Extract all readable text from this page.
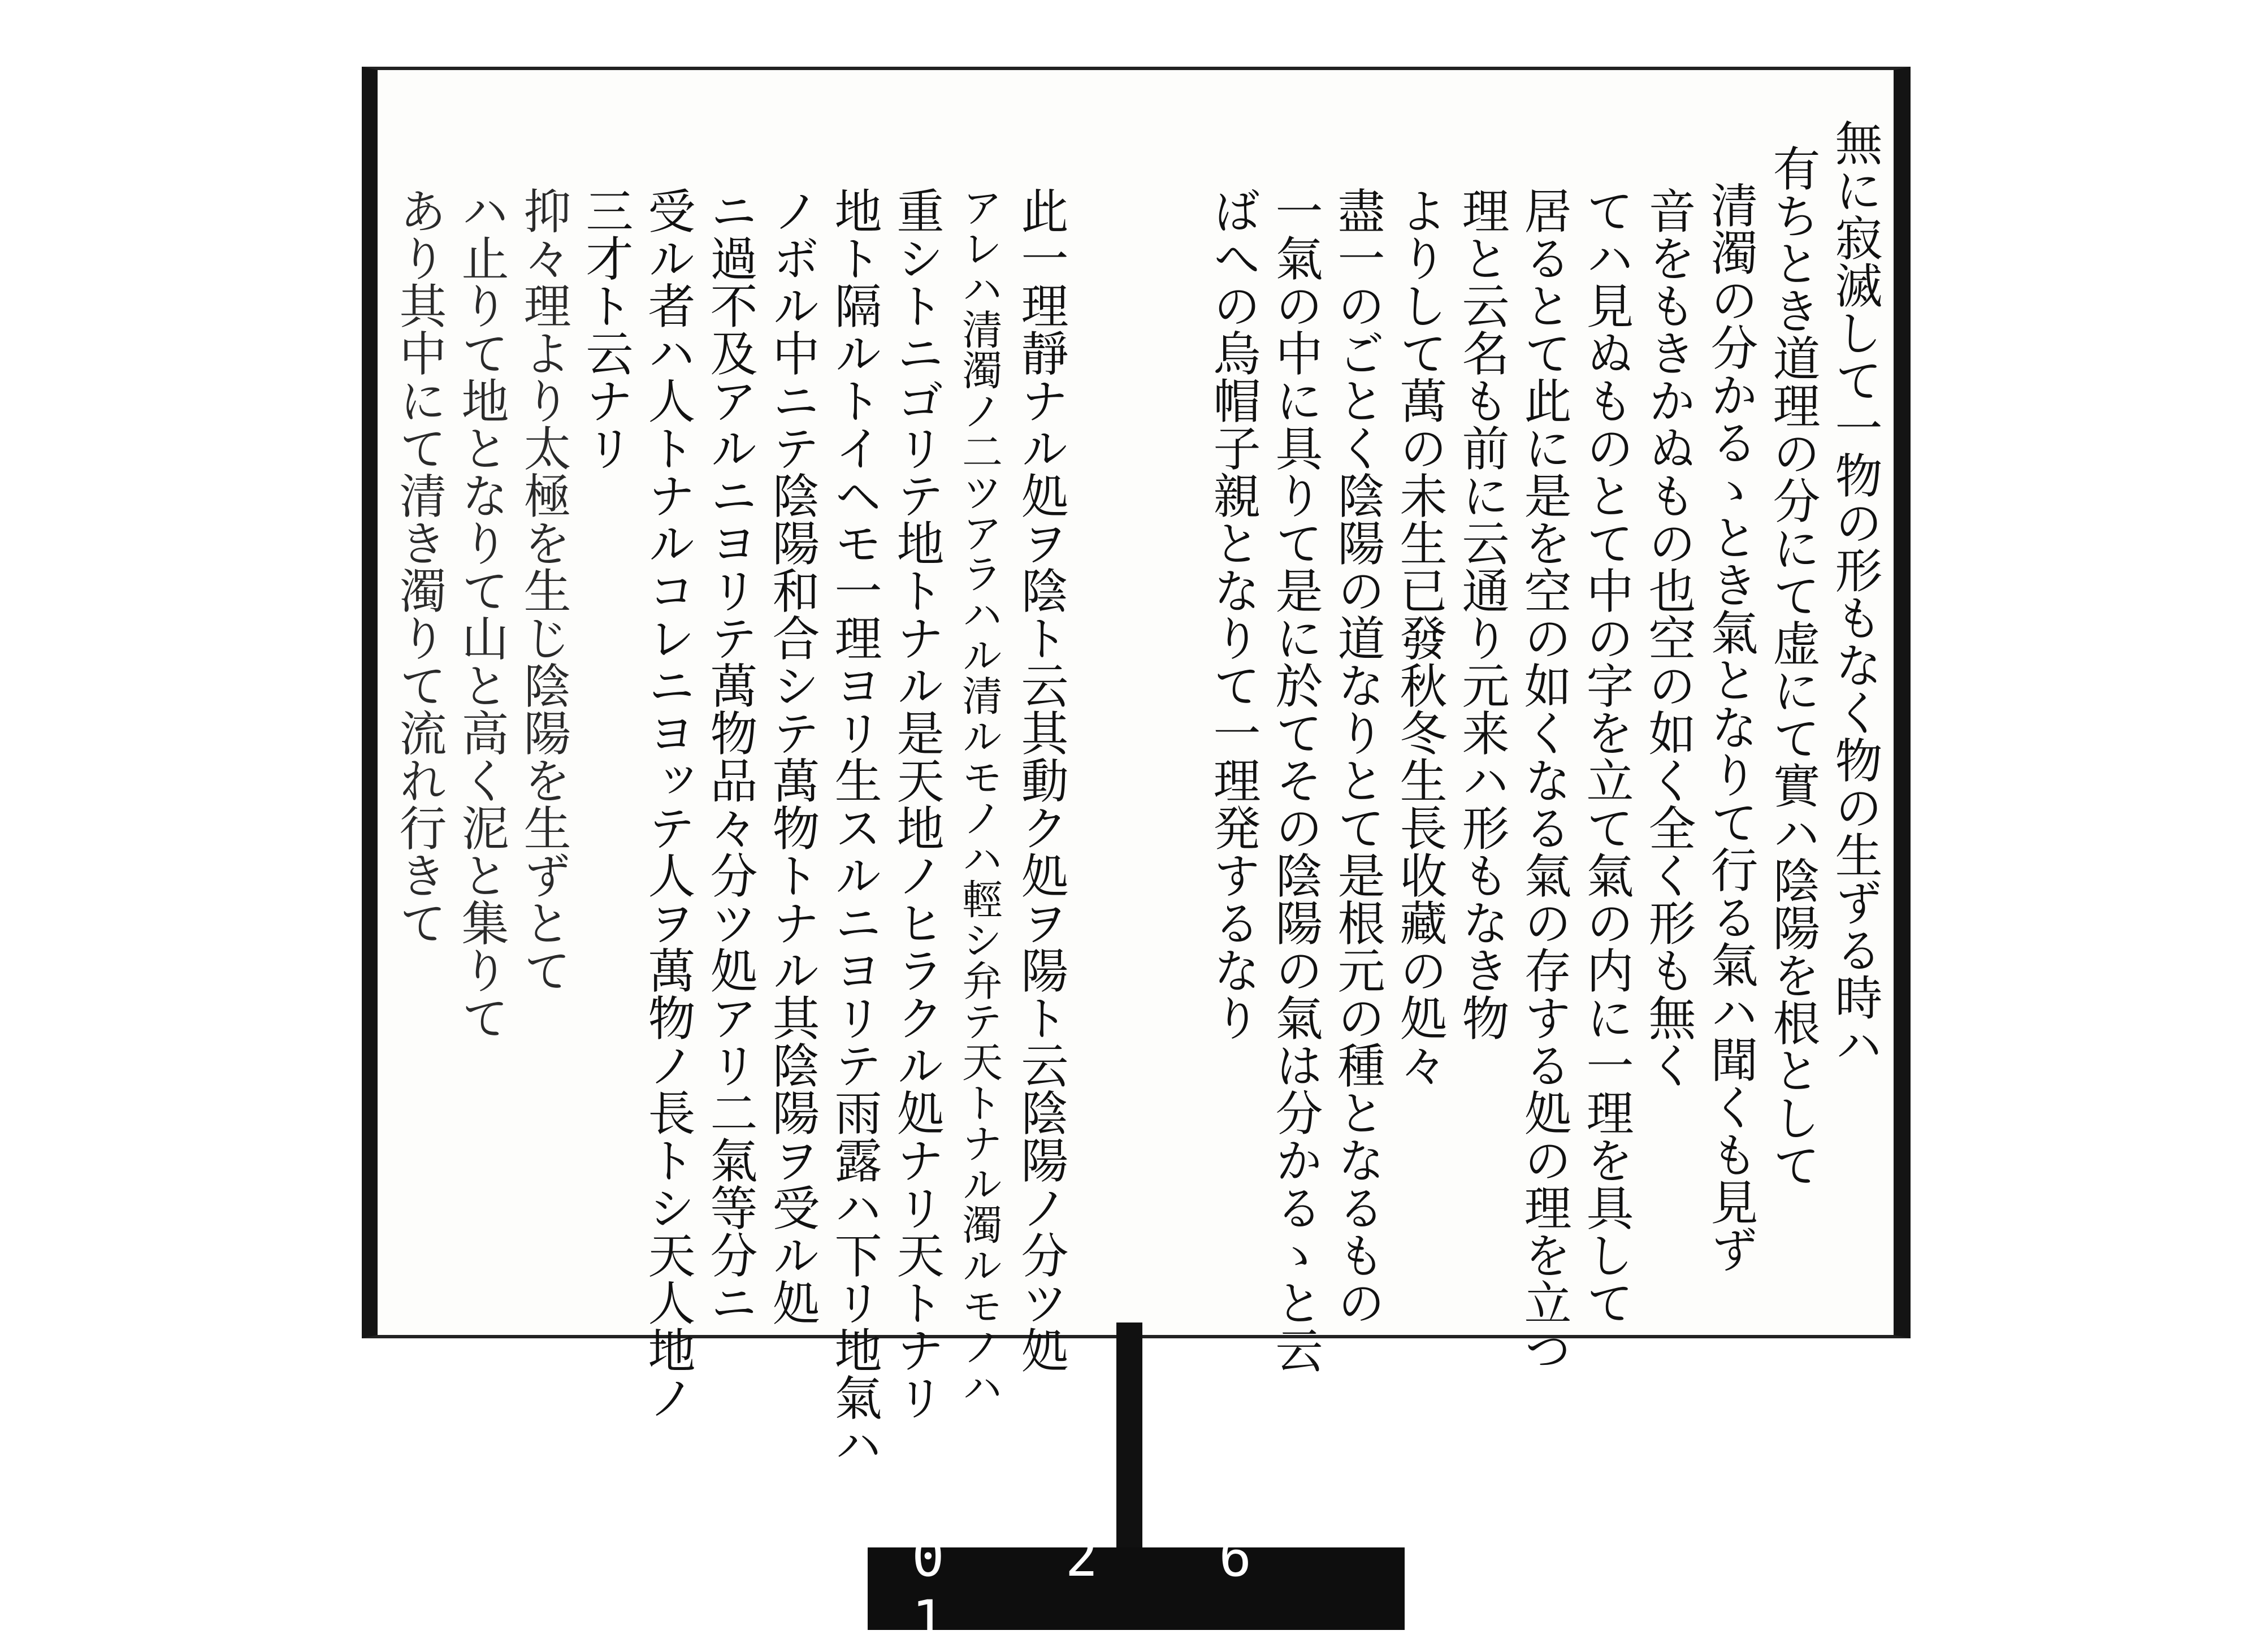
無に寂滅して一物の形もなく物の生ずる時ハ
有ちとき道理の分にて虚にて實ハ陰陽を根として
清濁の分かるゝとき氣となりて行る氣ハ聞くも見ず
音をもきかぬもの也空の如く全く形も無く
てハ見ぬものとて中の字を立て氣の内に一理を具して
居るとて此に是を空の如くなる氣の存する処の理を立つ
理と云名も前に云通り元来ハ形もなき物
よりして萬の未生已發秋冬生長收藏の処々
盡一のごとく陰陽の道なりとて是根元の種となるもの
一氣の中に具りて是に於てその陰陽の氣は分かるゝと云
ばへの烏帽子親となりて一理発するなり
此一理靜ナル処ヲ陰ト云其動ク処ヲ陽ト云陰陽ノ分ツ処
アレハ清濁ノ二ツアラハル清ルモノハ輕シ弁テ天トナル濁ルモノハ
重シトニゴリテ地トナル是天地ノヒラクル処ナリ天トナリ
地ト隔ルトイヘモ一理ヨリ生スルニヨリテ雨露ハ下リ地氣ハ
ノボル中ニテ陰陽和合シテ萬物トナル其陰陽ヲ受ル処
ニ過不及アルニヨリテ萬物品々分ツ処アリ二氣等分ニ
受ル者ハ人トナルコレニヨッテ人ヲ萬物ノ長トシ天人地ノ
三才ト云ナリ
抑々理より太極を生じ陰陽を生ずとて
ハ止りて地となりて山と高く泥と集りて
あり其中にて清き濁りて流れ行きて
0 2 6 1
